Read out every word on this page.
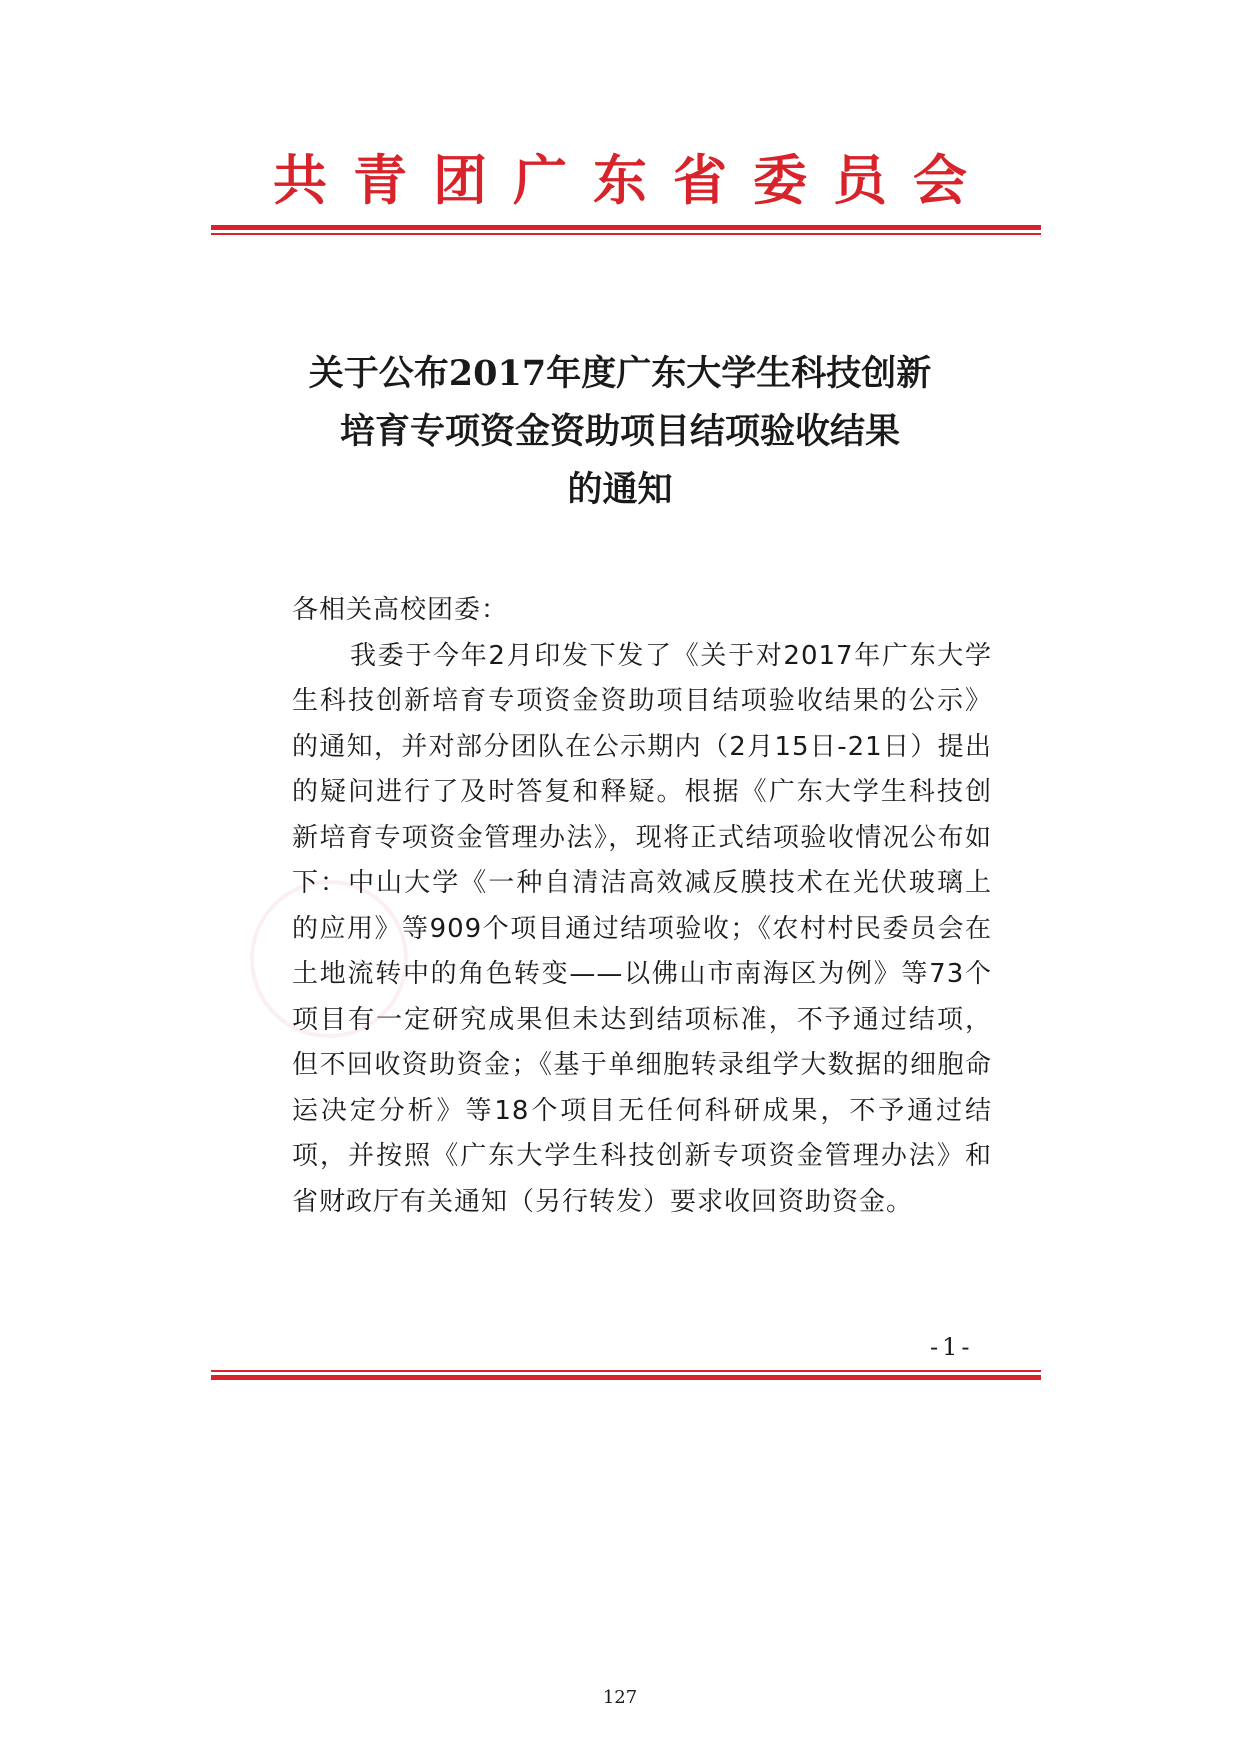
共青团广东省委员会
关于公布2017年度广东大学生科技创新
培育专项资金资助项目结项验收结果
的通知

各相关高校团委：

我委于今年2月印发下发了《关于对2017年广东大学生科技创新培育专项资金资助项目结项验收结果的公示》的通知，并对部分团队在公示期内（2月15日-21日）提出的疑问进行了及时答复和释疑。根据《广东大学生科技创新培育专项资金管理办法》，现将正式结项验收情况公布如下：中山大学《一种自清洁高效减反膜技术在光伏玻璃上的应用》等909个项目通过结项验收；《农村村民委员会在土地流转中的角色转变——以佛山市南海区为例》等73个项目有一定研究成果但未达到结项标准，不予通过结项，但不回收资助资金；《基于单细胞转录组学大数据的细胞命运决定分析》等18个项目无任何科研成果，不予通过结项，并按照《广东大学生科技创新专项资金管理办法》和省财政厅有关通知（另行转发）要求收回资助资金。

-1-
127
